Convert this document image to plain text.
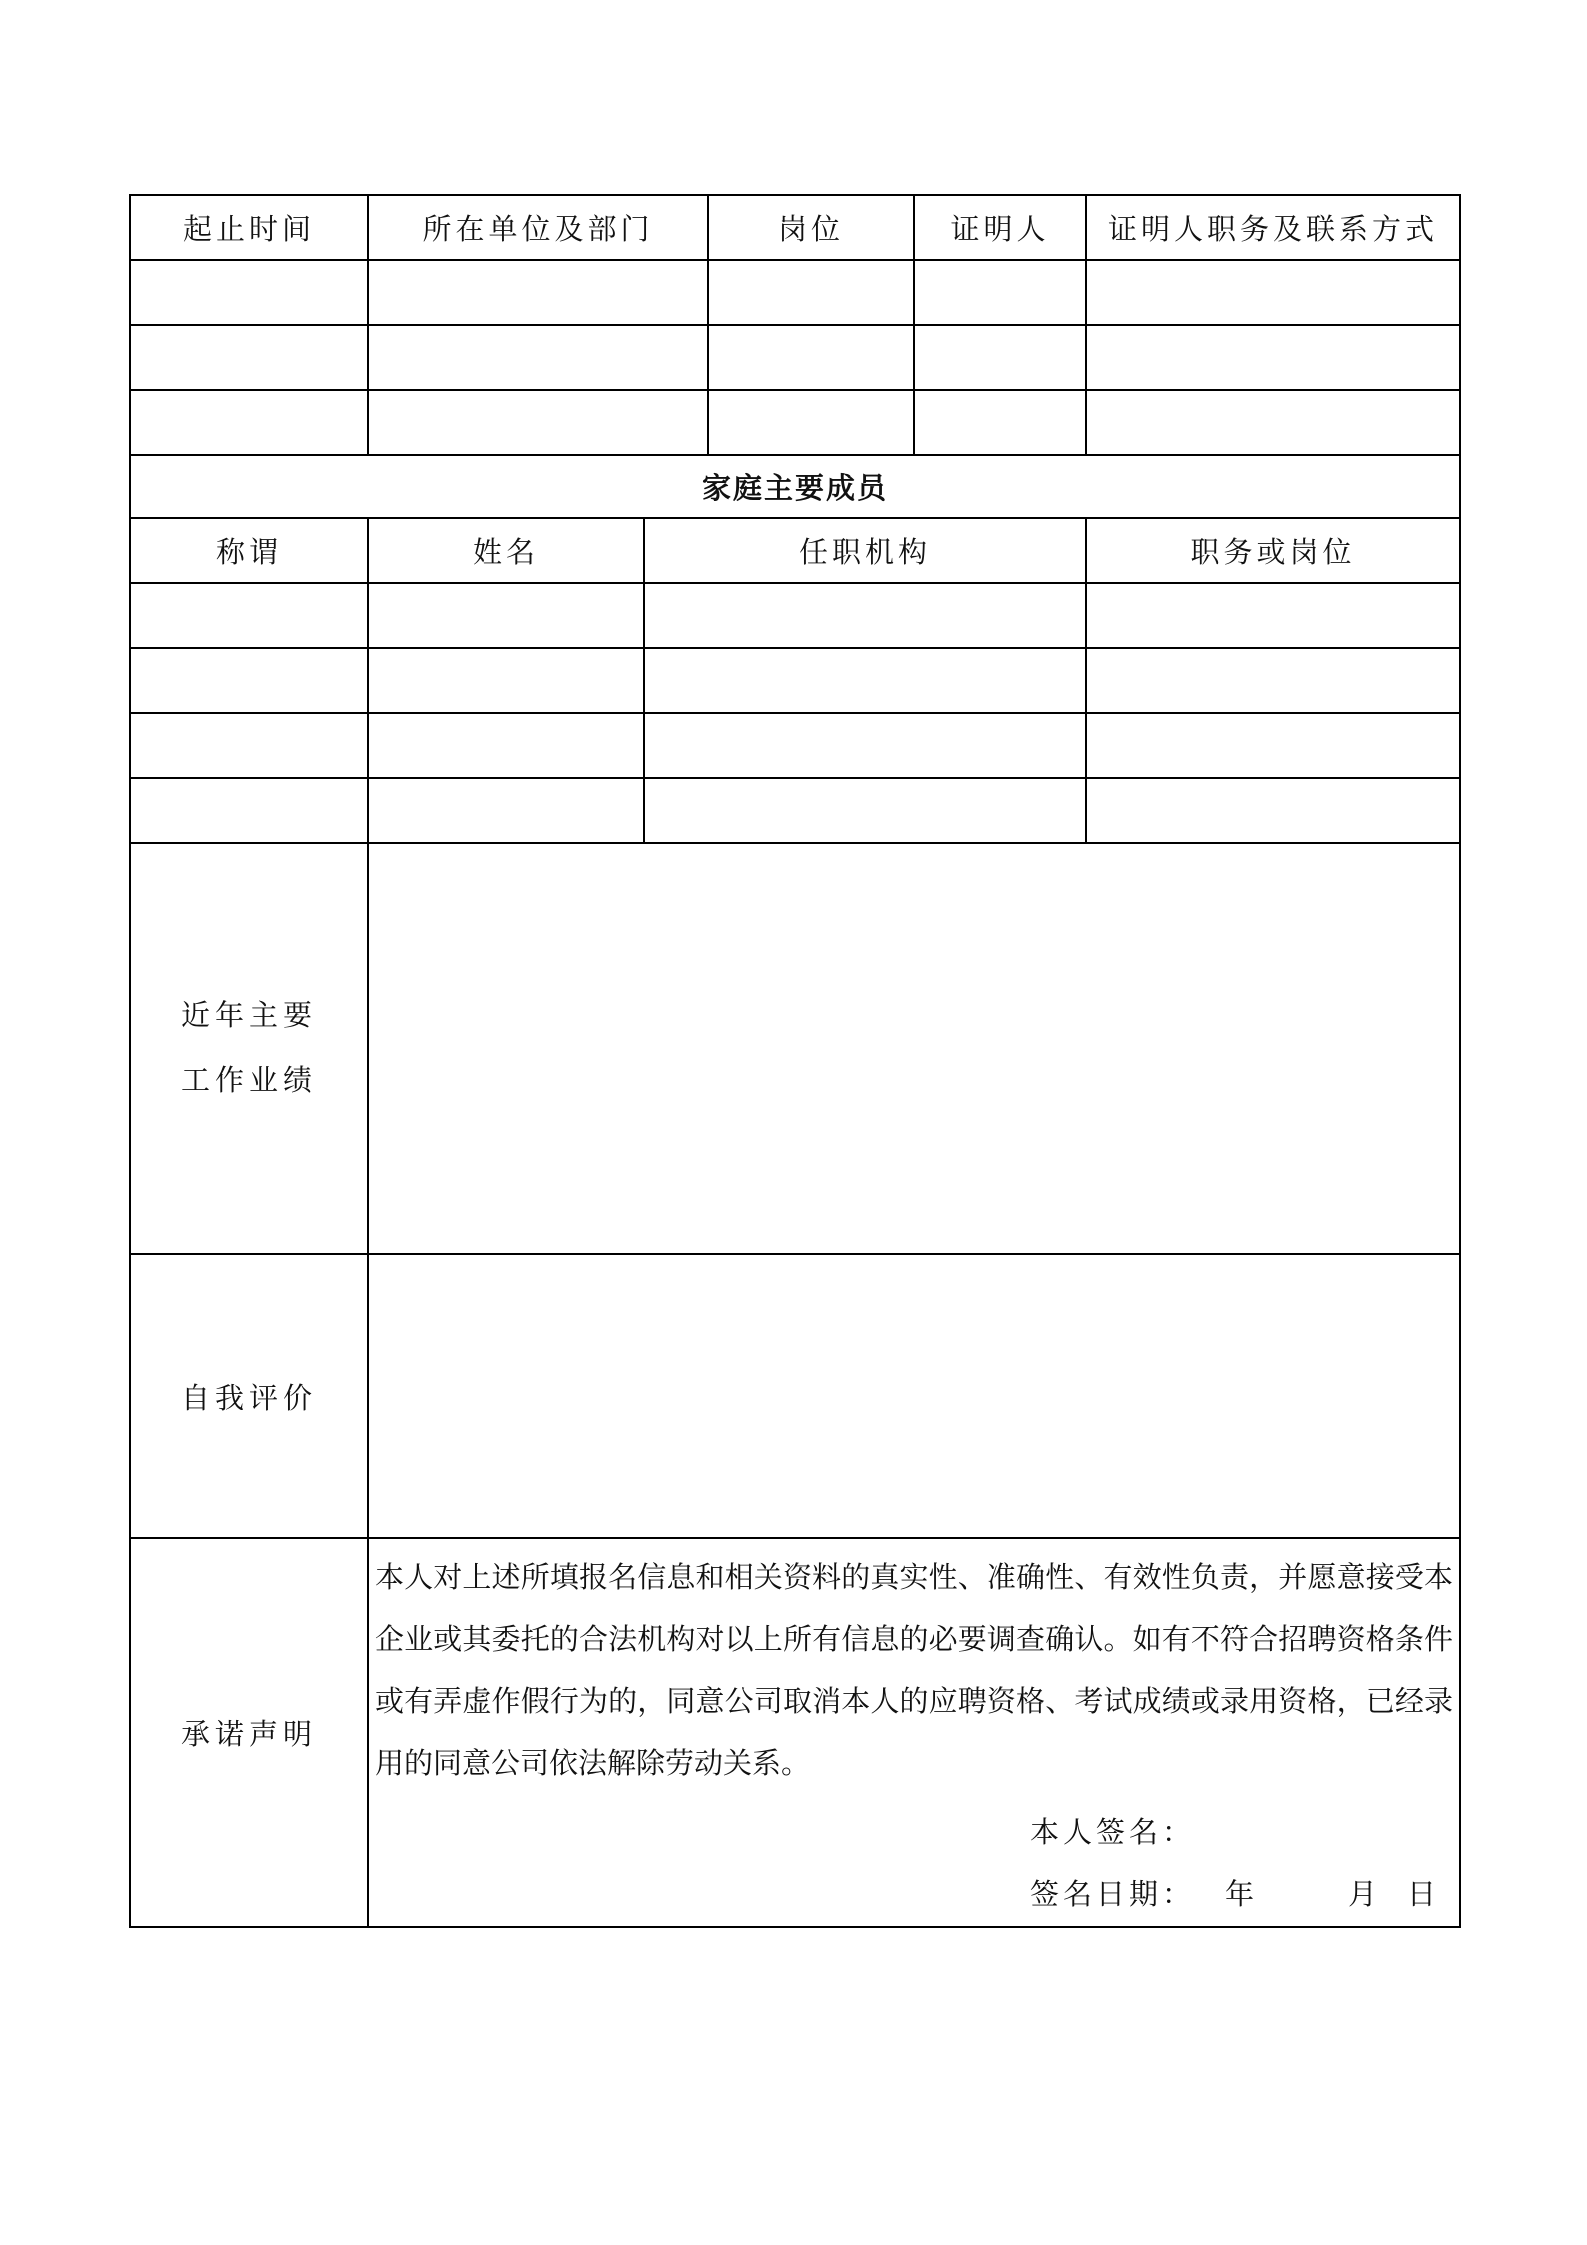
起止时间	所在单位及部门		岗位	证明人	证明人职务及联系方式

家庭主要成员					
称谓	姓名	任职机构			职务或岗位

近年主要
工作业绩					

自我评价					
承诺声明	本人对上述所填报名信息和相关资料的真实性、准确性、有效性负责，并愿意接受本企业或其委托的合法机构对以上所有信息的必要调查确认。如有不符合招聘资格条件或有弄虚作假行为的，同意公司取消本人的应聘资格、考试成绩或录用资格，已经录用的同意公司依法解除劳动关系。
本人签名：
签名日期： 年 月 日				
